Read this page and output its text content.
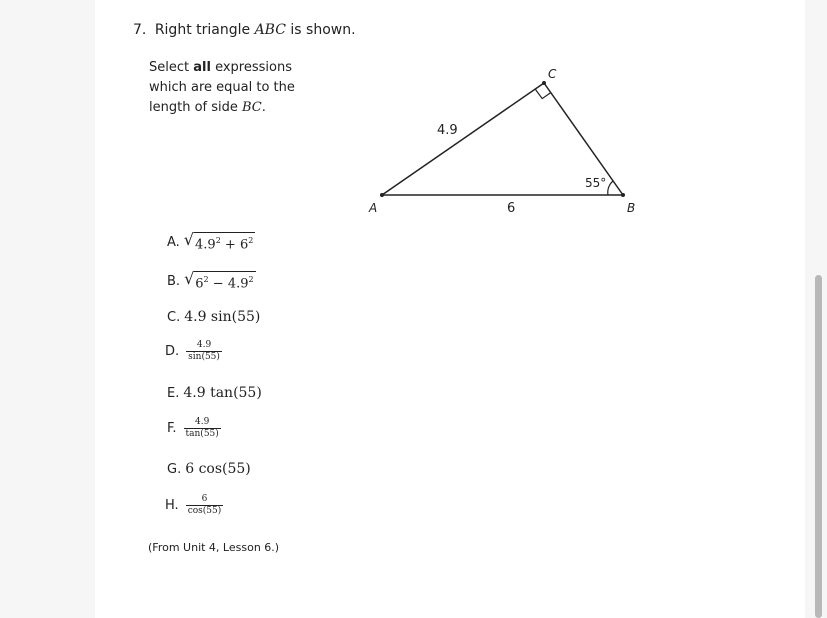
7. Right triangle ABC is shown.
Select all expressions which are equal to the length of side BC.
A	B
C
4.9
6
55°
A. √ $4.9^2 + 6^2$
B. √ $6^2 - 4.9^2$
C. 4.9 sin(55)
D. $\frac{4.9}{\sin(55)}$
E. 4.9 tan(55)
F. $\frac{4.9}{\tan(55)}$
G. 6 cos(55)
H. $\frac{6}{\cos(55)}$
(From Unit 4, Lesson 6.)
